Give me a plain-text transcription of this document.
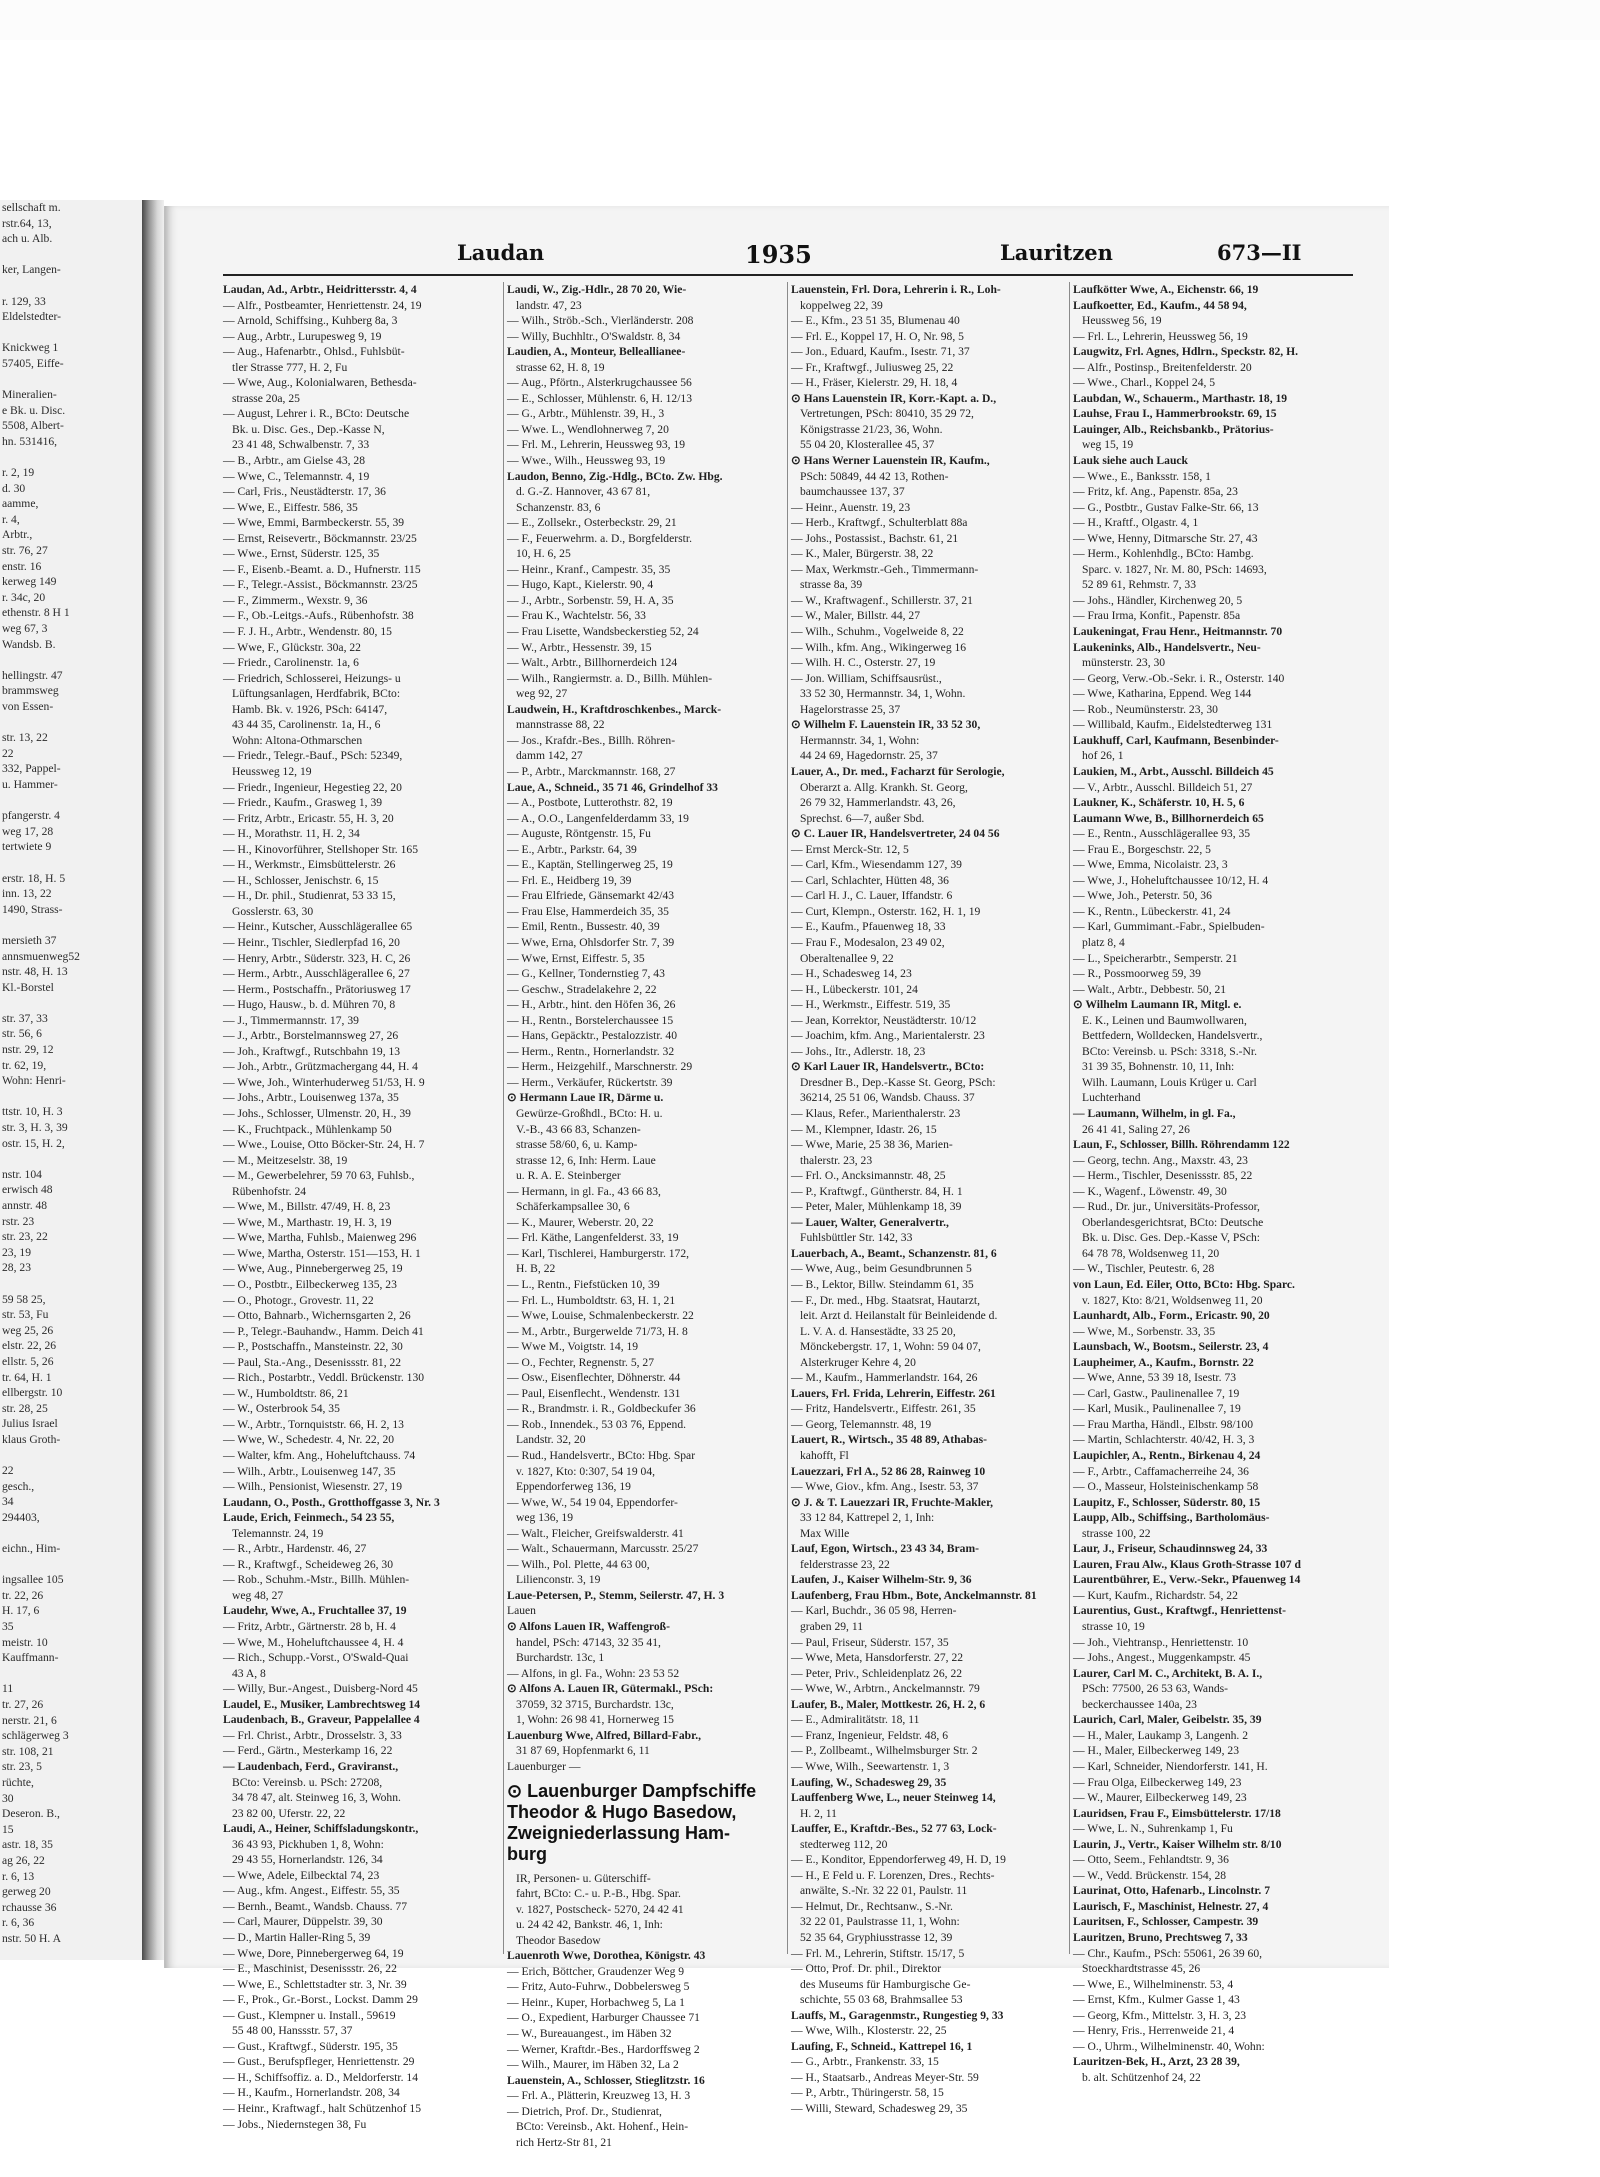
sellschaft m.
rstr.64, 13,
ach u. Alb.

ker, Langen-

r. 129, 33
Eldelstedter-

Knickweg 1
57405, Eiffe-

Mineralien-
e Bk. u. Disc.
5508, Albert-
hn. 531416,

r. 2, 19
d. 30
aamme,
r. 4,
Arbtr.,
str. 76, 27
enstr. 16
kerweg 149
r. 34c, 20
ethenstr. 8 H 1
weg 67, 3
Wandsb. B.

hellingstr. 47
brammsweg
von Essen-

str. 13, 22
22
332, Pappel-
u. Hammer-

pfangerstr. 4
weg 17, 28
tertwiete 9

erstr. 18, H. 5
inn. 13, 22
1490, Strass-

mersieth 37
annsmuenweg52
nstr. 48, H. 13
Kl.-Borstel

str. 37, 33
str. 56, 6
nstr. 29, 12
tr. 62, 19,
Wohn: Henri-

ttstr. 10, H. 3
str. 3, H. 3, 39
ostr. 15, H. 2,

nstr. 104
erwisch 48
annstr. 48
rstr. 23
str. 23, 22
23, 19
28, 23

59 58 25,
str. 53, Fu
weg 25, 26
elstr. 22, 26
ellstr. 5, 26
tr. 64, H. 1
ellbergstr. 10
str. 28, 25
Julius Israel
klaus Groth-

22
gesch.,
34
294403,

eichn., Him-

ingsallee 105
tr. 22, 26
H. 17, 6
35
meistr. 10
Kauffmann-

11
tr. 27, 26
nerstr. 21, 6
schlägerweg 3
str. 108, 21
str. 23, 5
rüchte,
30
Deseron. B.,
15
astr. 18, 35
ag 26, 22
r. 6, 13
gerweg 20
rchausse 36
r. 6, 36
nstr. 50 H. A
Laudan	1935	Lauritzen	673—II
Laudan, Ad., Arbtr., Heidrittersstr. 4, 4
— Alfr., Postbeamter, Henriettenstr. 24, 19
— Arnold, Schiffsing., Kuhberg 8a, 3
— Aug., Arbtr., Lurupesweg 9, 19
— Aug., Hafenarbtr., Ohlsd., Fuhlsbüt-
tler Strasse 777, H. 2, Fu
— Wwe, Aug., Kolonialwaren, Bethesda-
strasse 20a, 25
— August, Lehrer i. R., BCto: Deutsche
Bk. u. Disc. Ges., Dep.-Kasse N,
23 41 48, Schwalbenstr. 7, 33
— B., Arbtr., am Gielse 43, 28
— Wwe, C., Telemannstr. 4, 19
— Carl, Fris., Neustädterstr. 17, 36
— Wwe, E., Eiffestr. 586, 35
— Wwe, Emmi, Barmbeckerstr. 55, 39
— Ernst, Reisevertr., Böckmannstr. 23/25
— Wwe., Ernst, Süderstr. 125, 35
— F., Eisenb.-Beamt. a. D., Hufnerstr. 115
— F., Telegr.-Assist., Böckmannstr. 23/25
— F., Zimmerm., Wexstr. 9, 36
— F., Ob.-Leitgs.-Aufs., Rübenhofstr. 38
— F. J. H., Arbtr., Wendenstr. 80, 15
— Wwe, F., Glückstr. 30a, 22
— Friedr., Carolinenstr. 1a, 6
— Friedrich, Schlosserei, Heizungs- u
Lüftungsanlagen, Herdfabrik, BCto:
Hamb. Bk. v. 1926, PSch: 64147,
43 44 35, Carolinenstr. 1a, H., 6
Wohn: Altona-Othmarschen
— Friedr., Telegr.-Bauf., PSch: 52349,
Heussweg 12, 19
— Friedr., Ingenieur, Hegestieg 22, 20
— Friedr., Kaufm., Grasweg 1, 39
— Fritz, Arbtr., Ericastr. 55, H. 3, 20
— H., Morathstr. 11, H. 2, 34
— H., Kinovorführer, Stellshoper Str. 165
— H., Werkmstr., Eimsbüttelerstr. 26
— H., Schlosser, Jenischstr. 6, 15
— H., Dr. phil., Studienrat, 53 33 15,
Gosslerstr. 63, 30
— Heinr., Kutscher, Ausschlägerallee 65
— Heinr., Tischler, Siedlerpfad 16, 20
— Henry, Arbtr., Süderstr. 323, H. C, 26
— Herm., Arbtr., Ausschlägerallee 6, 27
— Herm., Postschaffn., Prätoriusweg 17
— Hugo, Hausw., b. d. Mühren 70, 8
— J., Timmermannstr. 17, 39
— J., Arbtr., Borstelmannsweg 27, 26
— Joh., Kraftwgf., Rutschbahn 19, 13
— Joh., Arbtr., Grützmachergang 44, H. 4
— Wwe, Joh., Winterhuderweg 51/53, H. 9
— Johs., Arbtr., Louisenweg 137a, 35
— Johs., Schlosser, Ulmenstr. 20, H., 39
— K., Fruchtpack., Mühlenkamp 50
— Wwe., Louise, Otto Böcker-Str. 24, H. 7
— M., Meitzeselstr. 38, 19
— M., Gewerbelehrer, 59 70 63, Fuhlsb.,
Rübenhofstr. 24
— Wwe, M., Billstr. 47/49, H. 8, 23
— Wwe, M., Marthastr. 19, H. 3, 19
— Wwe, Martha, Fuhlsb., Maienweg 296
— Wwe, Martha, Osterstr. 151—153, H. 1
— Wwe, Aug., Pinnebergerweg 25, 19
— O., Postbtr., Eilbeckerweg 135, 23
— O., Photogr., Grovestr. 11, 22
— Otto, Bahnarb., Wichernsgarten 2, 26
— P., Telegr.-Bauhandw., Hamm. Deich 41
— P., Postschaffn., Mansteinstr. 22, 30
— Paul, Sta.-Ang., Desenissstr. 81, 22
— Rich., Postarbtr., Veddl. Brückenstr. 130
— W., Humboldtstr. 86, 21
— W., Osterbrook 54, 35
— W., Arbtr., Tornquiststr. 66, H. 2, 13
— Wwe, W., Schedestr. 4, Nr. 22, 20
— Walter, kfm. Ang., Hoheluftchauss. 74
— Wilh., Arbtr., Louisenweg 147, 35
— Wilh., Pensionist, Wiesenstr. 27, 19
Laudann, O., Posth., Grotthoffgasse 3, Nr. 3
Laude, Erich, Feinmech., 54 23 55,
Telemannstr. 24, 19
— R., Arbtr., Hardenstr. 46, 27
— R., Kraftwgf., Scheideweg 26, 30
— Rob., Schuhm.-Mstr., Billh. Mühlen-
weg 48, 27
Laudehr, Wwe, A., Fruchtallee 37, 19
— Fritz, Arbtr., Gärtnerstr. 28 b, H. 4
— Wwe, M., Hoheluftchaussee 4, H. 4
— Rich., Schupp.-Vorst., O'Swald-Quai
43 A, 8
— Willy, Bur.-Angest., Duisberg-Nord 45
Laudel, E., Musiker, Lambrechtsweg 14
Laudenbach, B., Graveur, Pappelallee 4
— Frl. Christ., Arbtr., Drosselstr. 3, 33
— Ferd., Gärtn., Mesterkamp 16, 22
— Laudenbach, Ferd., Graviranst.,
BCto: Vereinsb. u. PSch: 27208,
34 78 47, alt. Steinweg 16, 3, Wohn.
23 82 00, Uferstr. 22, 22
Laudi, A., Heiner, Schiffsladungskontr.,
36 43 93, Pickhuben 1, 8, Wohn:
29 43 55, Hornerlandstr. 126, 34
— Wwe, Adele, Eilbecktal 74, 23
— Aug., kfm. Angest., Eiffestr. 55, 35
— Bernh., Beamt., Wandsb. Chauss. 77
— Carl, Maurer, Düppelstr. 39, 30
— D., Martin Haller-Ring 5, 39
— Wwe, Dore, Pinnebergerweg 64, 19
— E., Maschinist, Desenissstr. 26, 22
— Wwe, E., Schlettstadter str. 3, Nr. 39
— F., Prok., Gr.-Borst., Lockst. Damm 29
— Gust., Klempner u. Install., 59619
55 48 00, Hanssstr. 57, 37
— Gust., Kraftwgf., Süderstr. 195, 35
— Gust., Berufspfleger, Henriettenstr. 29
— H., Schiffsoffiz. a. D., Meldorferstr. 14
— H., Kaufm., Hornerlandstr. 208, 34
— Heinr., Kraftwagf., halt Schützenhof 15
— Jobs., Niedernstegen 38, Fu
Laudi, W., Zig.-Hdlr., 28 70 20, Wie-
landstr. 47, 23
— Wilh., Ströb.-Sch., Vierländerstr. 208
— Willy, Buchhltr., O'Swaldstr. 8, 34
Laudien, A., Monteur, Belleallianee-
strasse 62, H. 8, 19
— Aug., Pförtn., Alsterkrugchaussee 56
— E., Schlosser, Mühlenstr. 6, H. 12/13
— G., Arbtr., Mühlenstr. 39, H., 3
— Wwe. L., Wendlohnerweg 7, 20
— Frl. M., Lehrerin, Heussweg 93, 19
— Wwe., Wilh., Heussweg 93, 19
Laudon, Benno, Zig.-Hdlg., BCto. Zw. Hbg.
d. G.-Z. Hannover, 43 67 81,
Schanzenstr. 83, 6
— E., Zollsekr., Osterbeckstr. 29, 21
— F., Feuerwehrm. a. D., Borgfelderstr.
10, H. 6, 25
— Heinr., Kranf., Campestr. 35, 35
— Hugo, Kapt., Kielerstr. 90, 4
— J., Arbtr., Sorbenstr. 59, H. A, 35
— Frau K., Wachtelstr. 56, 33
— Frau Lisette, Wandsbeckerstieg 52, 24
— W., Arbtr., Hessenstr. 39, 15
— Walt., Arbtr., Billhornerdeich 124
— Wilh., Rangiermstr. a. D., Billh. Mühlen-
weg 92, 27
Laudwein, H., Kraftdroschkenbes., Marck-
mannstrasse 88, 22
— Jos., Krafdr.-Bes., Billh. Röhren-
damm 142, 27
— P., Arbtr., Marckmannstr. 168, 27
Laue, A., Schneid., 35 71 46, Grindelhof 33
— A., Postbote, Lutterothstr. 82, 19
— A., O.O., Langenfelderdamm 33, 19
— Auguste, Röntgenstr. 15, Fu
— E., Arbtr., Parkstr. 64, 39
— E., Kaptän, Stellingerweg 25, 19
— Frl. E., Heidberg 19, 39
— Frau Elfriede, Gänsemarkt 42/43
— Frau Else, Hammerdeich 35, 35
— Emil, Rentn., Bussestr. 40, 39
— Wwe, Erna, Ohlsdorfer Str. 7, 39
— Wwe, Ernst, Eiffestr. 5, 35
— G., Kellner, Tondernstieg 7, 43
— Geschw., Stradelakehre 2, 22
— H., Arbtr., hint. den Höfen 36, 26
— H., Rentn., Borstelerchaussee 15
— Hans, Gepäcktr., Pestalozzistr. 40
— Herm., Rentn., Hornerlandstr. 32
— Herm., Heizgehilf., Marschnerstr. 29
— Herm., Verkäufer, Rückertstr. 39
⊙ Hermann Laue IR, Därme u.
Gewürze-Großhdl., BCto: H. u.
V.-B., 43 66 83, Schanzen-
strasse 58/60, 6, u. Kamp-
strasse 12, 6, Inh: Herm. Laue
u. R. A. E. Steinberger
— Hermann, in gl. Fa., 43 66 83,
Schäferkampsallee 30, 6
— K., Maurer, Weberstr. 20, 22
— Frl. Käthe, Langenfelderst. 33, 19
— Karl, Tischlerei, Hamburgerstr. 172,
H. B, 22
— L., Rentn., Fiefstücken 10, 39
— Frl. L., Humboldtstr. 63, H. 1, 21
— Wwe, Louise, Schmalenbeckerstr. 22
— M., Arbtr., Burgerwelde 71/73, H. 8
— Wwe M., Voigtstr. 14, 19
— O., Fechter, Regnenstr. 5, 27
— Osw., Eisenflechter, Döhnerstr. 44
— Paul, Eisenflecht., Wendenstr. 131
— R., Brandmstr. i. R., Goldbeckufer 36
— Rob., Innendek., 53 03 76, Eppend.
Landstr. 32, 20
— Rud., Handelsvertr., BCto: Hbg. Spar
v. 1827, Kto: 0:307, 54 19 04,
Eppendorferweg 136, 19
— Wwe, W., 54 19 04, Eppendorfer-
weg 136, 19
— Walt., Fleicher, Greifswalderstr. 41
— Walt., Schauermann, Marcusstr. 25/27
— Wilh., Pol. Plette, 44 63 00,
Lilienconstr. 3, 19
Laue-Petersen, P., Stemm, Seilerstr. 47, H. 3
Lauen
⊙ Alfons Lauen IR, Waffengroß-
handel, PSch: 47143, 32 35 41,
Burchardstr. 13c, 1
— Alfons, in gl. Fa., Wohn: 23 53 52
⊙ Alfons A. Lauen IR, Gütermakl., PSch:
37059, 32 3715, Burchardstr. 13c,
1, Wohn: 26 98 41, Hornerweg 15
Lauenburg Wwe, Alfred, Billard-Fabr.,
31 87 69, Hopfenmarkt 6, 11
Lauenburger —
⊙ Lauenburger Dampfschiffe
Theodor & Hugo Basedow,
Zweigniederlassung Ham-
burg
IR, Personen- u. Güterschiff-
fahrt, BCto: C.- u. P.-B., Hbg. Spar.
v. 1827, Postscheck- 5270, 24 42 41
u. 24 42 42, Bankstr. 46, 1, Inh:
Theodor Basedow
Lauenroth Wwe, Dorothea, Königstr. 43
— Erich, Böttcher, Graudenzer Weg 9
— Fritz, Auto-Fuhrw., Dobbelersweg 5
— Heinr., Kuper, Horbachweg 5, La 1
— O., Expedient, Harburger Chaussee 71
— W., Bureauangest., im Häben 32
— Werner, Kraftdr.-Bes., Hardorffsweg 2
— Wilh., Maurer, im Häben 32, La 2
Lauenstein, A., Schlosser, Stieglitzstr. 16
— Frl. A., Plätterin, Kreuzweg 13, H. 3
— Dietrich, Prof. Dr., Studienrat,
BCto: Vereinsb., Akt. Hohenf., Hein-
rich Hertz-Str 81, 21
Lauenstein, Frl. Dora, Lehrerin i. R., Loh-
koppelweg 22, 39
— E., Kfm., 23 51 35, Blumenau 40
— Frl. E., Koppel 17, H. O, Nr. 98, 5
— Jon., Eduard, Kaufm., Isestr. 71, 37
— Fr., Kraftwgf., Juliusweg 25, 22
— H., Fräser, Kielerstr. 29, H. 18, 4
⊙ Hans Lauenstein IR, Korr.-Kapt. a. D.,
Vertretungen, PSch: 80410, 35 29 72,
Königstrasse 21/23, 36, Wohn.
55 04 20, Klosterallee 45, 37
⊙ Hans Werner Lauenstein IR, Kaufm.,
PSch: 50849, 44 42 13, Rothen-
baumchaussee 137, 37
— Heinr., Auenstr. 19, 23
— Herb., Kraftwgf., Schulterblatt 88a
— Johs., Postassist., Bachstr. 61, 21
— K., Maler, Bürgerstr. 38, 22
— Max, Werkmstr.-Geh., Timmermann-
strasse 8a, 39
— W., Kraftwagenf., Schillerstr. 37, 21
— W., Maler, Billstr. 44, 27
— Wilh., Schuhm., Vogelweide 8, 22
— Wilh., kfm. Ang., Wikingerweg 16
— Wilh. H. C., Osterstr. 27, 19
— Jon. William, Schiffsausrüst.,
33 52 30, Hermannstr. 34, 1, Wohn.
Hagelorstrasse 25, 37
⊙ Wilhelm F. Lauenstein IR, 33 52 30,
Hermannstr. 34, 1, Wohn:
44 24 69, Hagedornstr. 25, 37
Lauer, A., Dr. med., Facharzt für Serologie,
Oberarzt a. Allg. Krankh. St. Georg,
26 79 32, Hammerlandstr. 43, 26,
Sprechst. 6—7, außer Sbd.
⊙ C. Lauer IR, Handelsvertreter, 24 04 56
— Ernst Merck-Str. 12, 5
— Carl, Kfm., Wiesendamm 127, 39
— Carl, Schlachter, Hütten 48, 36
— Carl H. J., C. Lauer, Iffandstr. 6
— Curt, Klempn., Osterstr. 162, H. 1, 19
— E., Kaufm., Pfauenweg 18, 33
— Frau F., Modesalon, 23 49 02,
Oberaltenallee 9, 22
— H., Schadesweg 14, 23
— H., Lübeckerstr. 101, 24
— H., Werkmstr., Eiffestr. 519, 35
— Jean, Korrektor, Neustädterstr. 10/12
— Joachim, kfm. Ang., Marientalerstr. 23
— Johs., Itr., Adlerstr. 18, 23
⊙ Karl Lauer IR, Handelsvertr., BCto:
Dresdner B., Dep.-Kasse St. Georg, PSch:
36214, 25 51 06, Wandsb. Chauss. 37
— Klaus, Refer., Marienthalerstr. 23
— M., Klempner, Idastr. 26, 15
— Wwe, Marie, 25 38 36, Marien-
thalerstr. 23, 23
— Frl. O., Ancksimannstr. 48, 25
— P., Kraftwgf., Güntherstr. 84, H. 1
— Peter, Maler, Mühlenkamp 18, 39
— Lauer, Walter, Generalvertr.,
Fuhlsbüttler Str. 142, 33
Lauerbach, A., Beamt., Schanzenstr. 81, 6
— Wwe, Aug., beim Gesundbrunnen 5
— B., Lektor, Billw. Steindamm 61, 35
— F., Dr. med., Hbg. Staatsrat, Hautarzt,
leit. Arzt d. Heilanstalt für Beinleidende d.
L. V. A. d. Hansestädte, 33 25 20,
Mönckebergstr. 17, 1, Wohn: 59 04 07,
Alsterkruger Kehre 4, 20
— M., Kaufm., Hammerlandstr. 164, 26
Lauers, Frl. Frida, Lehrerin, Eiffestr. 261
— Fritz, Handelsvertr., Eiffestr. 261, 35
— Georg, Telemannstr. 48, 19
Lauert, R., Wirtsch., 35 48 89, Athabas-
kahofft, Fl
Lauezzari, Frl A., 52 86 28, Rainweg 10
— Wwe, Giov., kfm. Ang., Isestr. 53, 37
⊙ J. & T. Lauezzari IR, Fruchte-Makler,
33 12 84, Kattrepel 2, 1, Inh:
Max Wille
Lauf, Egon, Wirtsch., 23 43 34, Bram-
felderstrasse 23, 22
Laufen, J., Kaiser Wilhelm-Str. 9, 36
Laufenberg, Frau Hbm., Bote, Anckelmannstr. 81
— Karl, Buchdr., 36 05 98, Herren-
graben 29, 11
— Paul, Friseur, Süderstr. 157, 35
— Wwe, Meta, Hansdorferstr. 27, 22
— Peter, Priv., Schleidenplatz 26, 22
— Wwe, W., Arbtrn., Anckelmannstr. 79
Laufer, B., Maler, Mottkestr. 26, H. 2, 6
— E., Admiralitätstr. 18, 11
— Franz, Ingenieur, Feldstr. 48, 6
— P., Zollbeamt., Wilhelmsburger Str. 2
— Wwe, Wilh., Seewartenstr. 1, 3
Laufing, W., Schadesweg 29, 35
Lauffenberg Wwe, L., neuer Steinweg 14,
H. 2, 11
Lauffer, E., Kraftdr.-Bes., 52 77 63, Lock-
stedterweg 112, 20
— E., Konditor, Eppendorferweg 49, H. D, 19
— H., E Feld u. F. Lorenzen, Dres., Rechts-
anwälte, S.-Nr. 32 22 01, Paulstr. 11
— Helmut, Dr., Rechtsanw., S.-Nr.
32 22 01, Paulstrasse 11, 1, Wohn:
52 35 64, Gryphiusstrasse 12, 39
— Frl. M., Lehrerin, Stiftstr. 15/17, 5
— Otto, Prof. Dr. phil., Direktor
des Museums für Hamburgische Ge-
schichte, 55 03 68, Brahmsallee 53
Lauffs, M., Garagenmstr., Rungestieg 9, 33
— Wwe, Wilh., Klosterstr. 22, 25
Laufing, F., Schneid., Kattrepel 16, 1
— G., Arbtr., Frankenstr. 33, 15
— H., Staatsarb., Andreas Meyer-Str. 59
— P., Arbtr., Thüringerstr. 58, 15
— Willi, Steward, Schadesweg 29, 35
Laufkötter Wwe, A., Eichenstr. 66, 19
Laufkoetter, Ed., Kaufm., 44 58 94,
Heussweg 56, 19
— Frl. L., Lehrerin, Heussweg 56, 19
Laugwitz, Frl. Agnes, Hdlrn., Speckstr. 82, H.
— Alfr., Postinsp., Breitenfelderstr. 20
— Wwe., Charl., Koppel 24, 5
Laubdan, W., Schauerm., Marthastr. 18, 19
Lauhse, Frau I., Hammerbrookstr. 69, 15
Lauinger, Alb., Reichsbankb., Prätorius-
weg 15, 19
Lauk siehe auch Lauck
— Wwe., E., Banksstr. 158, 1
— Fritz, kf. Ang., Papenstr. 85a, 23
— G., Postbtr., Gustav Falke-Str. 66, 13
— H., Kraftf., Olgastr. 4, 1
— Wwe, Henny, Ditmarsche Str. 27, 43
— Herm., Kohlenhdlg., BCto: Hambg.
Sparc. v. 1827, Nr. M. 80, PSch: 14693,
52 89 61, Rehmstr. 7, 33
— Johs., Händler, Kirchenweg 20, 5
— Frau Irma, Konfit., Papenstr. 85a
Laukeningat, Frau Henr., Heitmannstr. 70
Laukeninks, Alb., Handelsvertr., Neu-
münsterstr. 23, 30
— Georg, Verw.-Ob.-Sekr. i. R., Osterstr. 140
— Wwe, Katharina, Eppend. Weg 144
— Rob., Neumünsterstr. 23, 30
— Willibald, Kaufm., Eidelstedterweg 131
Laukhuff, Carl, Kaufmann, Besenbinder-
hof 26, 1
Laukien, M., Arbt., Ausschl. Billdeich 45
— V., Arbtr., Ausschl. Billdeich 51, 27
Laukner, K., Schäferstr. 10, H. 5, 6
Laumann Wwe, B., Billhornerdeich 65
— E., Rentn., Ausschlägerallee 93, 35
— Frau E., Borgeschstr. 22, 5
— Wwe, Emma, Nicolaistr. 23, 3
— Wwe, J., Hoheluftchaussee 10/12, H. 4
— Wwe, Joh., Peterstr. 50, 36
— K., Rentn., Lübeckerstr. 41, 24
— Karl, Gummimant.-Fabr., Spielbuden-
platz 8, 4
— L., Speicherarbtr., Semperstr. 21
— R., Possmoorweg 59, 39
— Walt., Arbtr., Debbestr. 50, 21
⊙ Wilhelm Laumann IR, Mitgl. e.
E. K., Leinen und Baumwollwaren,
Bettfedern, Wolldecken, Handelsvertr.,
BCto: Vereinsb. u. PSch: 3318, S.-Nr.
31 39 35, Bohnenstr. 10, 11, Inh:
Wilh. Laumann, Louis Krüger u. Carl
Luchterhand
— Laumann, Wilhelm, in gl. Fa.,
26 41 41, Saling 27, 26
Laun, F., Schlosser, Billh. Röhrendamm 122
— Georg, techn. Ang., Maxstr. 43, 23
— Herm., Tischler, Desenissstr. 85, 22
— K., Wagenf., Löwenstr. 49, 30
— Rud., Dr. jur., Universitäts-Professor,
Oberlandesgerichtsrat, BCto: Deutsche
Bk. u. Disc. Ges. Dep.-Kasse V, PSch:
64 78 78, Woldsenweg 11, 20
— W., Tischler, Peutestr. 6, 28
von Laun, Ed. Eiler, Otto, BCto: Hbg. Sparc.
v. 1827, Kto: 8/21, Woldsenweg 11, 20
Launhardt, Alb., Form., Ericastr. 90, 20
— Wwe, M., Sorbenstr. 33, 35
Launsbach, W., Bootsm., Seilerstr. 23, 4
Laupheimer, A., Kaufm., Bornstr. 22
— Wwe, Anne, 53 39 18, Isestr. 73
— Carl, Gastw., Paulinenallee 7, 19
— Karl, Musik., Paulinenallee 7, 19
— Frau Martha, Händl., Elbstr. 98/100
— Martin, Schlachterstr. 40/42, H. 3, 3
Laupichler, A., Rentn., Birkenau 4, 24
— F., Arbtr., Caffamacherreihe 24, 36
— O., Masseur, Holsteinischenkamp 58
Laupitz, F., Schlosser, Süderstr. 80, 15
Laupp, Alb., Schiffsing., Bartholomäus-
strasse 100, 22
Laur, J., Friseur, Schaudinnsweg 24, 33
Lauren, Frau Alw., Klaus Groth-Strasse 107 d
Laurentbührer, E., Verw.-Sekr., Pfauenweg 14
— Kurt, Kaufm., Richardstr. 54, 22
Laurentius, Gust., Kraftwgf., Henriettenst-
strasse 10, 19
— Joh., Viehtransp., Henriettenstr. 10
— Johs., Angest., Muggenkampstr. 45
Laurer, Carl M. C., Architekt, B. A. I.,
PSch: 77500, 26 53 63, Wands-
beckerchaussee 140a, 23
Laurich, Carl, Maler, Geibelstr. 35, 39
— H., Maler, Laukamp 3, Langenh. 2
— H., Maler, Eilbeckerweg 149, 23
— Karl, Schneider, Niendorferstr. 141, H.
— Frau Olga, Eilbeckerweg 149, 23
— W., Maurer, Eilbeckerweg 149, 23
Lauridsen, Frau F., Eimsbüttelerstr. 17/18
— Wwe, L. N., Suhrenkamp 1, Fu
Laurin, J., Vertr., Kaiser Wilhelm str. 8/10
— Otto, Seem., Fehlandtstr. 9, 36
— W., Vedd. Brückenstr. 154, 28
Laurinat, Otto, Hafenarb., Lincolnstr. 7
Laurisch, F., Maschinist, Helnestr. 27, 4
Lauritsen, F., Schlosser, Campestr. 39
Lauritzen, Bruno, Prechtsweg 7, 33
— Chr., Kaufm., PSch: 55061, 26 39 60,
Stoeckhardtstrasse 45, 26
— Wwe, E., Wilhelminenstr. 53, 4
— Ernst, Kfm., Kulmer Gasse 1, 43
— Georg, Kfm., Mittelstr. 3, H. 3, 23
— Henry, Fris., Herrenweide 21, 4
— O., Uhrm., Wilhelminenstr. 40, Wohn:
Lauritzen-Bek, H., Arzt, 23 28 39,
b. alt. Schützenhof 24, 22
